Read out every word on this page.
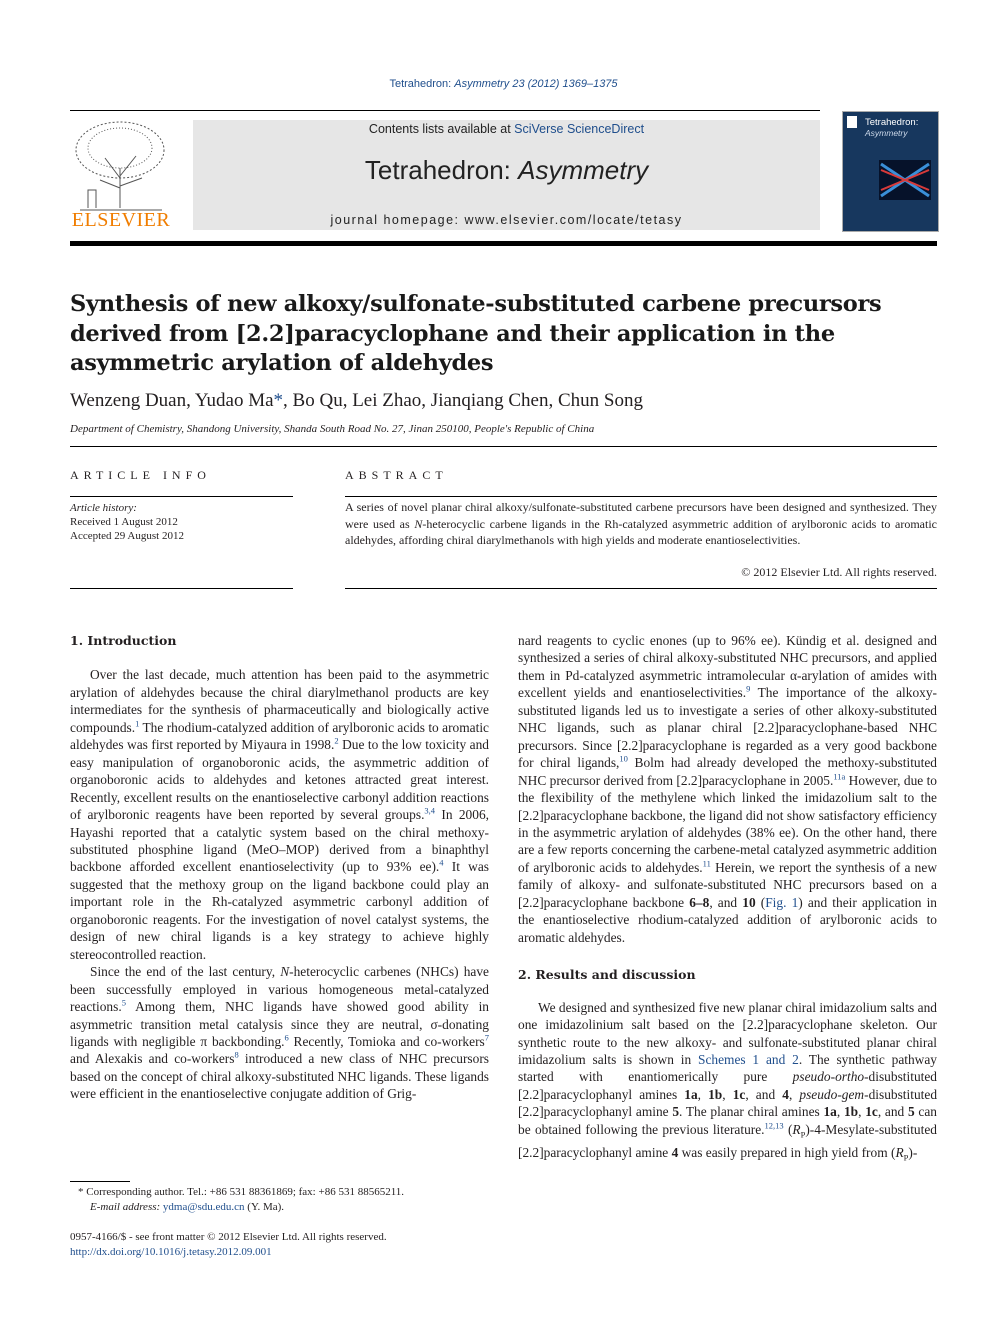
Tetrahedron: Asymmetry 23 (2012) 1369–1375
ELSEVIER
Contents lists available at SciVerse ScienceDirect
Tetrahedron: Asymmetry
journal homepage: www.elsevier.com/locate/tetasy
Tetrahedron:
Asymmetry
Synthesis of new alkoxy/sulfonate-substituted carbene precursors derived from [2.2]paracyclophane and their application in the asymmetric arylation of aldehydes
Wenzeng Duan, Yudao Ma*, Bo Qu, Lei Zhao, Jianqiang Chen, Chun Song
Department of Chemistry, Shandong University, Shanda South Road No. 27, Jinan 250100, People's Republic of China
ARTICLE INFO
Article history:
Received 1 August 2012
Accepted 29 August 2012
ABSTRACT
A series of novel planar chiral alkoxy/sulfonate-substituted carbene precursors have been designed and synthesized. They were used as N-heterocyclic carbene ligands in the Rh-catalyzed asymmetric addition of arylboronic acids to aromatic aldehydes, affording chiral diarylmethanols with high yields and moderate enantioselectivities.
© 2012 Elsevier Ltd. All rights reserved.
1. Introduction

Over the last decade, much attention has been paid to the asymmetric arylation of aldehydes because the chiral diarylmethanol products are key intermediates for the synthesis of pharmaceutically and biologically active compounds.$^1$ The rhodium-catalyzed addition of arylboronic acids to aromatic aldehydes was first reported by Miyaura in 1998.$^2$ Due to the low toxicity and easy manipulation of organoboronic acids, the asymmetric addition of organoboronic acids to aldehydes and ketones attracted great interest. Recently, excellent results on the enantioselective carbonyl addition reactions of arylboronic reagents have been reported by several groups.$^{3,4}$ In 2006, Hayashi reported that a catalytic system based on the chiral methoxy-substituted phosphine ligand (MeO–MOP) derived from a binaphthyl backbone afforded excellent enantioselectivity (up to 93% ee).$^4$ It was suggested that the methoxy group on the ligand backbone could play an important role in the Rh-catalyzed asymmetric carbonyl addition of organoboronic reagents. For the investigation of novel catalyst systems, the design of new chiral ligands is a key strategy to achieve highly stereocontrolled reaction.

Since the end of the last century, N-heterocyclic carbenes (NHCs) have been successfully employed in various homogeneous metal-catalyzed reactions.$^5$ Among them, NHC ligands have showed good ability in asymmetric transition metal catalysis since they are neutral, σ-donating ligands with negligible π backbonding.$^6$ Recently, Tomioka and co-workers$^7$ and Alexakis and co-workers$^8$ introduced a new class of NHC precursors based on the concept of chiral alkoxy-substituted NHC ligands. These ligands were efficient in the enantioselective conjugate addition of Grig-

* Corresponding author. Tel.: +86 531 88361869; fax: +86 531 88565211.
E-mail address: ydma@sdu.edu.cn (Y. Ma).
0957-4166/$ - see front matter © 2012 Elsevier Ltd. All rights reserved.
http://dx.doi.org/10.1016/j.tetasy.2012.09.001

nard reagents to cyclic enones (up to 96% ee). Kündig et al. designed and synthesized a series of chiral alkoxy-substituted NHC precursors, and applied them in Pd-catalyzed asymmetric intramolecular α-arylation of amides with excellent yields and enantioselectivities.$^9$ The importance of the alkoxy-substituted ligands led us to investigate a series of other alkoxy-substituted NHC ligands, such as planar chiral [2.2]paracyclophane-based NHC precursors. Since [2.2]paracyclophane is regarded as a very good backbone for chiral ligands,$^{10}$ Bolm had already developed the methoxy-substituted NHC precursor derived from [2.2]paracyclophane in 2005.$^{11a}$ However, due to the flexibility of the methylene which linked the imidazolium salt to the [2.2]paracyclophane backbone, the ligand did not show satisfactory efficiency in the asymmetric arylation of aldehydes (38% ee). On the other hand, there are a few reports concerning the carbene-metal catalyzed asymmetric addition of arylboronic acids to aldehydes.$^{11}$ Herein, we report the synthesis of a new family of alkoxy- and sulfonate-substituted NHC precursors based on a [2.2]paracyclophane backbone 6–8, and 10 (Fig. 1) and their application in the enantioselective rhodium-catalyzed addition of arylboronic acids to aromatic aldehydes.

2. Results and discussion

We designed and synthesized five new planar chiral imidazolium salts and one imidazolinium salt based on the [2.2]paracyclophane skeleton. Our synthetic route to the new alkoxy- and sulfonate-substituted planar chiral imidazolium salts is shown in Schemes 1 and 2. The synthetic pathway started with enantiomerically pure pseudo-ortho-disubstituted [2.2]paracyclophanyl amines 1a, 1b, 1c, and 4, pseudo-gem-disubstituted [2.2]paracyclophanyl amine 5. The planar chiral amines 1a, 1b, 1c, and 5 can be obtained following the previous literature.$^{12,13}$ $(R_P)-4-Mesylate$-substituted [2.2]paracyclophanyl amine 4 was easily prepared in high yield from $(R_P)-$
